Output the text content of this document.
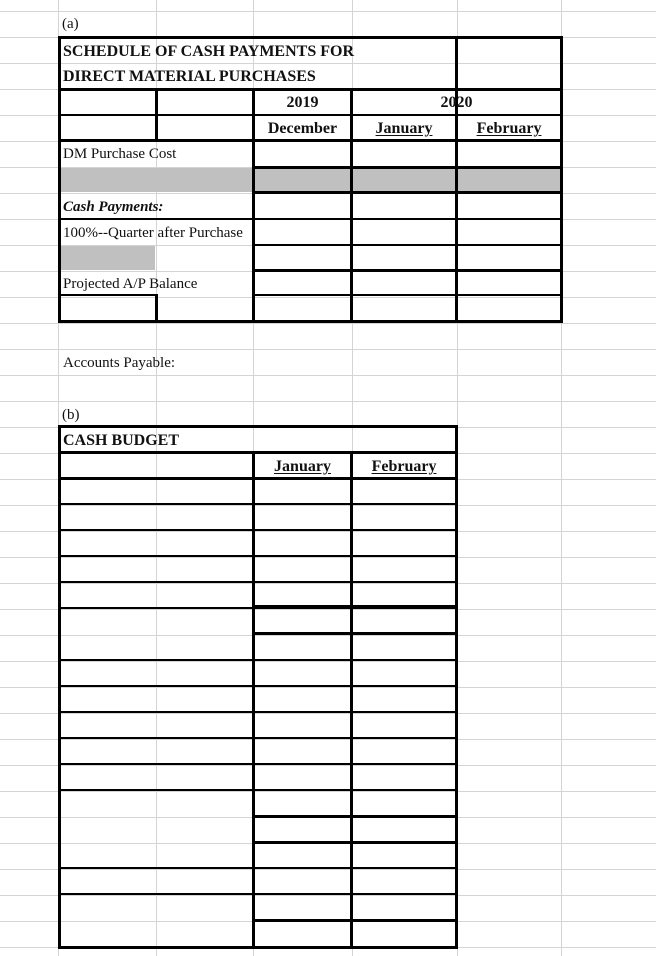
(a)
SCHEDULE OF CASH PAYMENTS FOR
DIRECT MATERIAL PURCHASES
2019	2020
December	January	February
DM Purchase Cost
Cash Payments:
100%--Quarter after Purchase
Projected A/P Balance
Accounts Payable:
(b)
CASH BUDGET
January	February
